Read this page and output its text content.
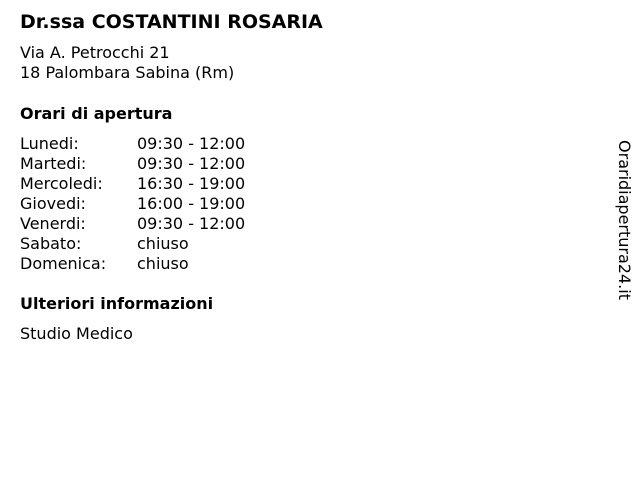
Dr.ssa COSTANTINI ROSARIA
Via A. Petrocchi 21
18 Palombara Sabina (Rm)
Orari di apertura
Lunedi:	09:30 - 12:00
Martedi:	09:30 - 12:00
Mercoledi:	16:30 - 19:00
Giovedi:	16:00 - 19:00
Venerdi:	09:30 - 12:00
Sabato:	chiuso
Domenica:	chiuso
Ulteriori informazioni
Studio Medico
Oraridiapertura24.it
